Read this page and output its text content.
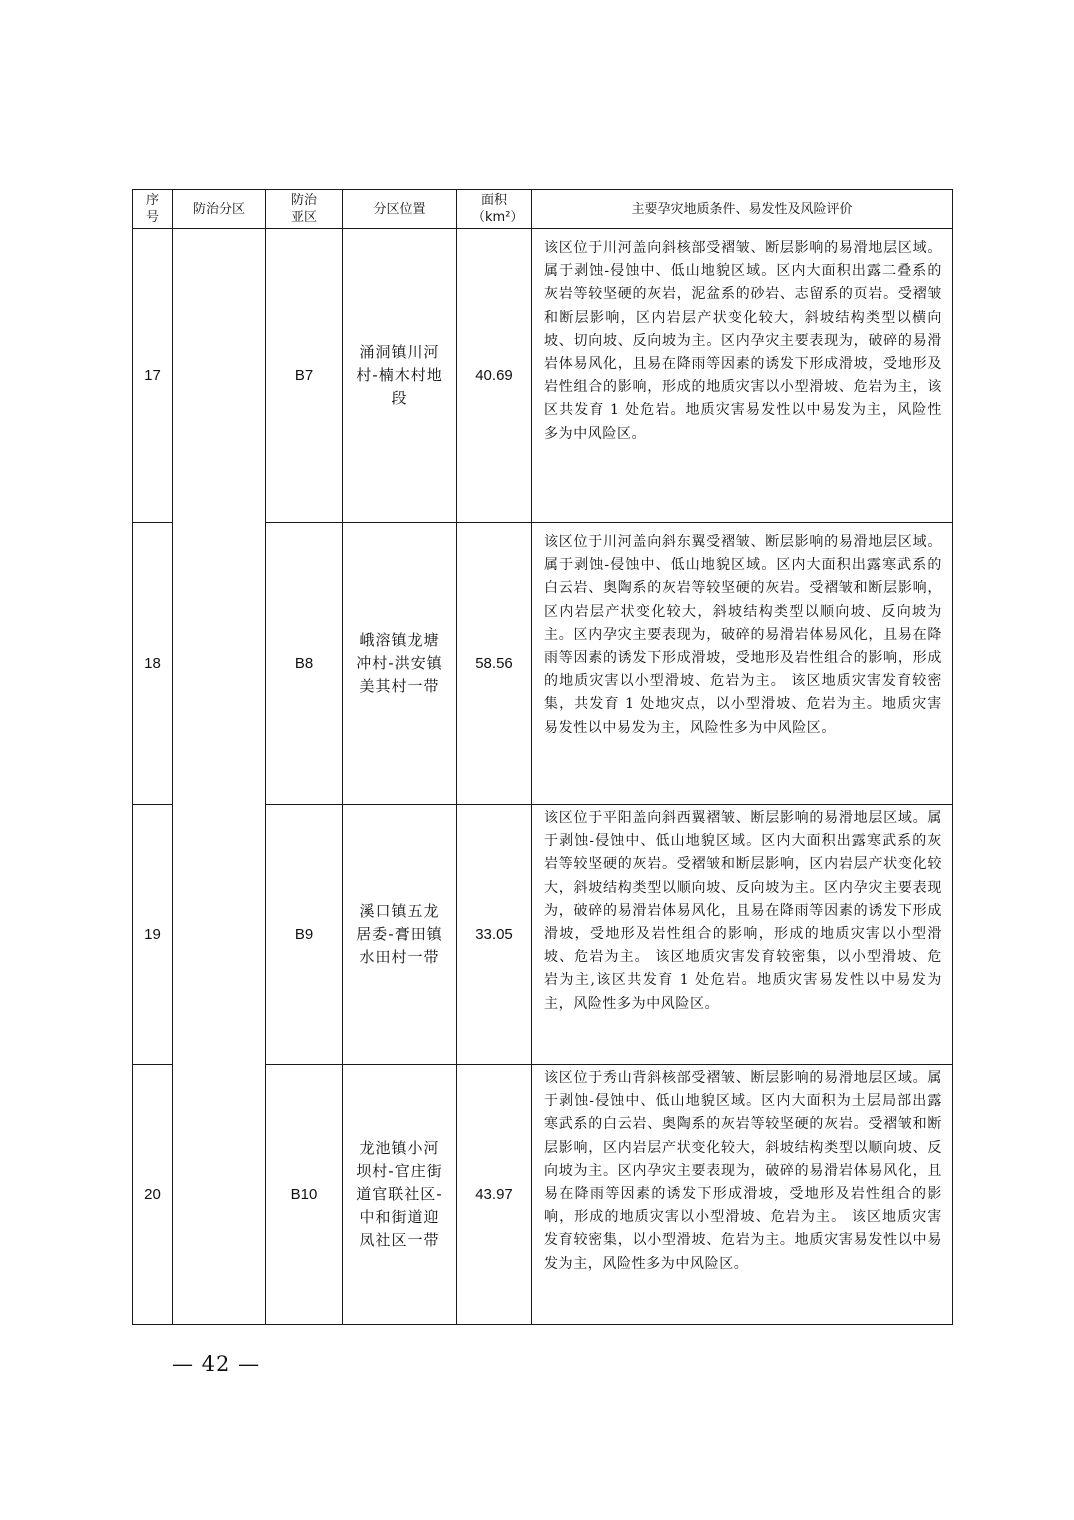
序号	防治分区	防治亚区	分区位置	面积（km²）	主要孕灾地质条件、易发性及风险评价
17		B7	涌洞镇川河村-楠木村地段	40.69	该区位于川河盖向斜核部受褶皱、断层影响的易滑地层区域。属于剥蚀-侵蚀中、低山地貌区域。区内大面积出露二叠系的灰岩等较坚硬的灰岩，泥盆系的砂岩、志留系的页岩。受褶皱和断层影响，区内岩层产状变化较大，斜坡结构类型以横向坡、切向坡、反向坡为主。区内孕灾主要表现为，破碎的易滑岩体易风化，且易在降雨等因素的诱发下形成滑坡，受地形及岩性组合的影响，形成的地质灾害以小型滑坡、危岩为主，该区共发育 1 处危岩。地质灾害易发性以中易发为主，风险性多为中风险区。
18		B8	峨溶镇龙塘冲村-洪安镇美其村一带	58.56	该区位于川河盖向斜东翼受褶皱、断层影响的易滑地层区域。属于剥蚀-侵蚀中、低山地貌区域。区内大面积出露寒武系的白云岩、奥陶系的灰岩等较坚硬的灰岩。受褶皱和断层影响，区内岩层产状变化较大，斜坡结构类型以顺向坡、反向坡为主。区内孕灾主要表现为，破碎的易滑岩体易风化，且易在降雨等因素的诱发下形成滑坡，受地形及岩性组合的影响，形成的地质灾害以小型滑坡、危岩为主。 该区地质灾害发育较密集，共发育 1 处地灾点，以小型滑坡、危岩为主。地质灾害易发性以中易发为主，风险性多为中风险区。
19		B9	溪口镇五龙居委-膏田镇水田村一带	33.05	该区位于平阳盖向斜西翼褶皱、断层影响的易滑地层区域。属于剥蚀-侵蚀中、低山地貌区域。区内大面积出露寒武系的灰岩等较坚硬的灰岩。受褶皱和断层影响，区内岩层产状变化较大，斜坡结构类型以顺向坡、反向坡为主。区内孕灾主要表现为，破碎的易滑岩体易风化，且易在降雨等因素的诱发下形成滑坡，受地形及岩性组合的影响，形成的地质灾害以小型滑坡、危岩为主。 该区地质灾害发育较密集，以小型滑坡、危岩为主,该区共发育 1 处危岩。地质灾害易发性以中易发为主，风险性多为中风险区。
20		B10	龙池镇小河坝村-官庄街道官联社区-中和街道迎凤社区一带	43.97	该区位于秀山背斜核部受褶皱、断层影响的易滑地层区域。属于剥蚀-侵蚀中、低山地貌区域。区内大面积为土层局部出露寒武系的白云岩、奥陶系的灰岩等较坚硬的灰岩。受褶皱和断层影响，区内岩层产状变化较大，斜坡结构类型以顺向坡、反向坡为主。区内孕灾主要表现为，破碎的易滑岩体易风化，且易在降雨等因素的诱发下形成滑坡，受地形及岩性组合的影响，形成的地质灾害以小型滑坡、危岩为主。 该区地质灾害发育较密集，以小型滑坡、危岩为主。地质灾害易发性以中易发为主，风险性多为中风险区。
— 42 —
